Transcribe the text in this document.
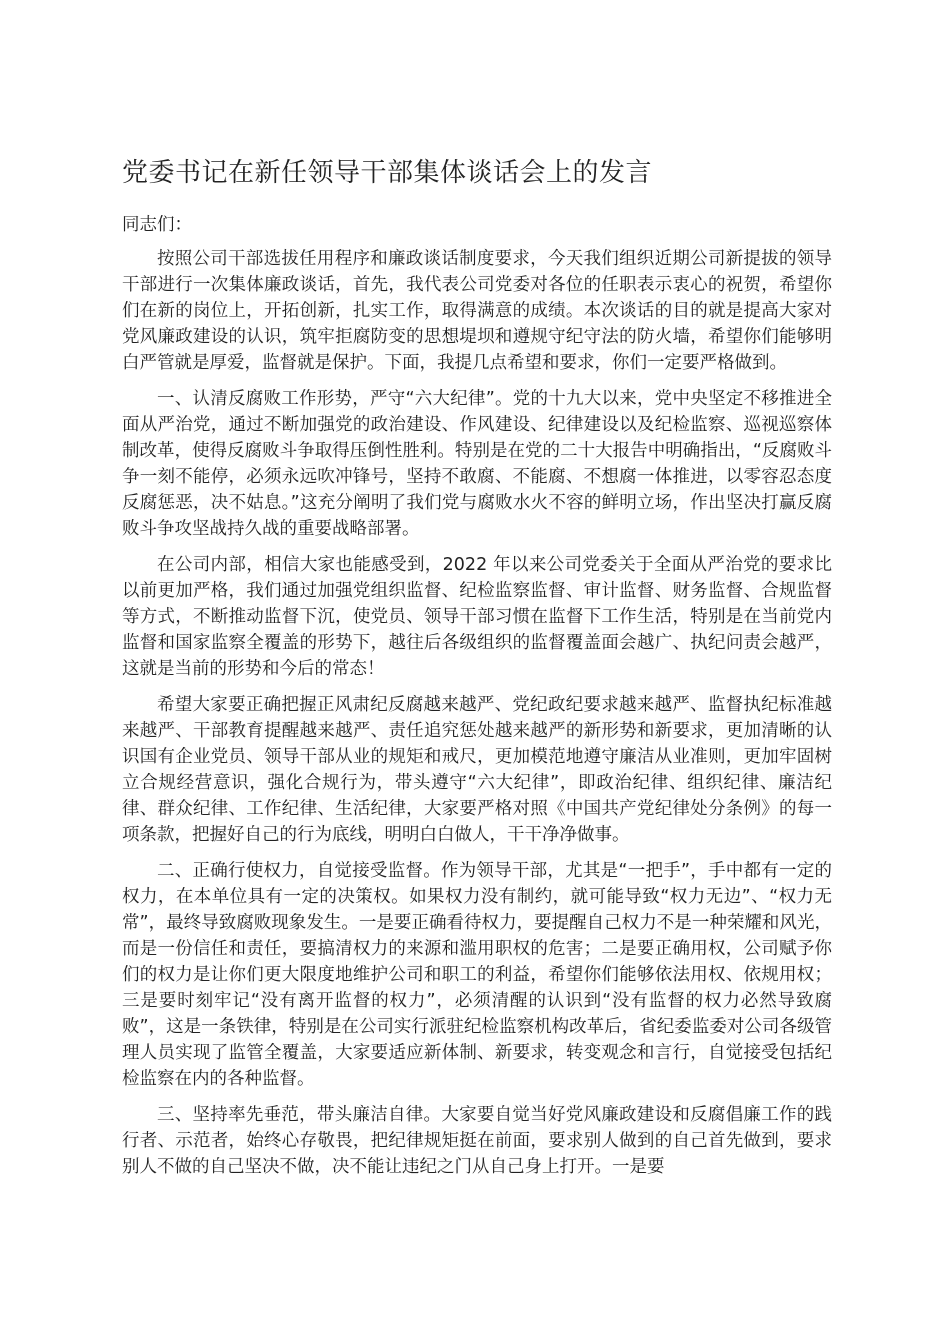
党委书记在新任领导干部集体谈话会上的发言

同志们：

按照公司干部选拔任用程序和廉政谈话制度要求，今天我们组织近期公司新提拔的领导干部进行一次集体廉政谈话，首先，我代表公司党委对各位的任职表示衷心的祝贺，希望你们在新的岗位上，开拓创新，扎实工作，取得满意的成绩。本次谈话的目的就是提高大家对党风廉政建设的认识，筑牢拒腐防变的思想堤坝和遵规守纪守法的防火墙，希望你们能够明白严管就是厚爱，监督就是保护。下面，我提几点希望和要求，你们一定要严格做到。

一、认清反腐败工作形势，严守“六大纪律”。党的十九大以来，党中央坚定不移推进全面从严治党，通过不断加强党的政治建设、作风建设、纪律建设以及纪检监察、巡视巡察体制改革，使得反腐败斗争取得压倒性胜利。特别是在党的二十大报告中明确指出，“反腐败斗争一刻不能停，必须永远吹冲锋号，坚持不敢腐、不能腐、不想腐一体推进，以零容忍态度反腐惩恶，决不姑息。”这充分阐明了我们党与腐败水火不容的鲜明立场，作出坚决打赢反腐败斗争攻坚战持久战的重要战略部署。

在公司内部，相信大家也能感受到，2022 年以来公司党委关于全面从严治党的要求比以前更加严格，我们通过加强党组织监督、纪检监察监督、审计监督、财务监督、合规监督等方式，不断推动监督下沉，使党员、领导干部习惯在监督下工作生活，特别是在当前党内监督和国家监察全覆盖的形势下，越往后各级组织的监督覆盖面会越广、执纪问责会越严，这就是当前的形势和今后的常态！

希望大家要正确把握正风肃纪反腐越来越严、党纪政纪要求越来越严、监督执纪标准越来越严、干部教育提醒越来越严、责任追究惩处越来越严的新形势和新要求，更加清晰的认识国有企业党员、领导干部从业的规矩和戒尺，更加模范地遵守廉洁从业准则，更加牢固树立合规经营意识，强化合规行为，带头遵守“六大纪律”，即政治纪律、组织纪律、廉洁纪律、群众纪律、工作纪律、生活纪律，大家要严格对照《中国共产党纪律处分条例》的每一项条款，把握好自己的行为底线，明明白白做人，干干净净做事。

二、正确行使权力，自觉接受监督。作为领导干部，尤其是“一把手”，手中都有一定的权力，在本单位具有一定的决策权。如果权力没有制约，就可能导致“权力无边”、“权力无常”，最终导致腐败现象发生。一是要正确看待权力，要提醒自己权力不是一种荣耀和风光，而是一份信任和责任，要搞清权力的来源和滥用职权的危害；二是要正确用权，公司赋予你们的权力是让你们更大限度地维护公司和职工的利益，希望你们能够依法用权、依规用权；三是要时刻牢记“没有离开监督的权力”，必须清醒的认识到“没有监督的权力必然导致腐败”，这是一条铁律，特别是在公司实行派驻纪检监察机构改革后，省纪委监委对公司各级管理人员实现了监管全覆盖，大家要适应新体制、新要求，转变观念和言行，自觉接受包括纪检监察在内的各种监督。

三、坚持率先垂范，带头廉洁自律。大家要自觉当好党风廉政建设和反腐倡廉工作的践行者、示范者，始终心存敬畏，把纪律规矩挺在前面，要求别人做到的自己首先做到，要求别人不做的自己坚决不做，决不能让违纪之门从自己身上打开。一是要
